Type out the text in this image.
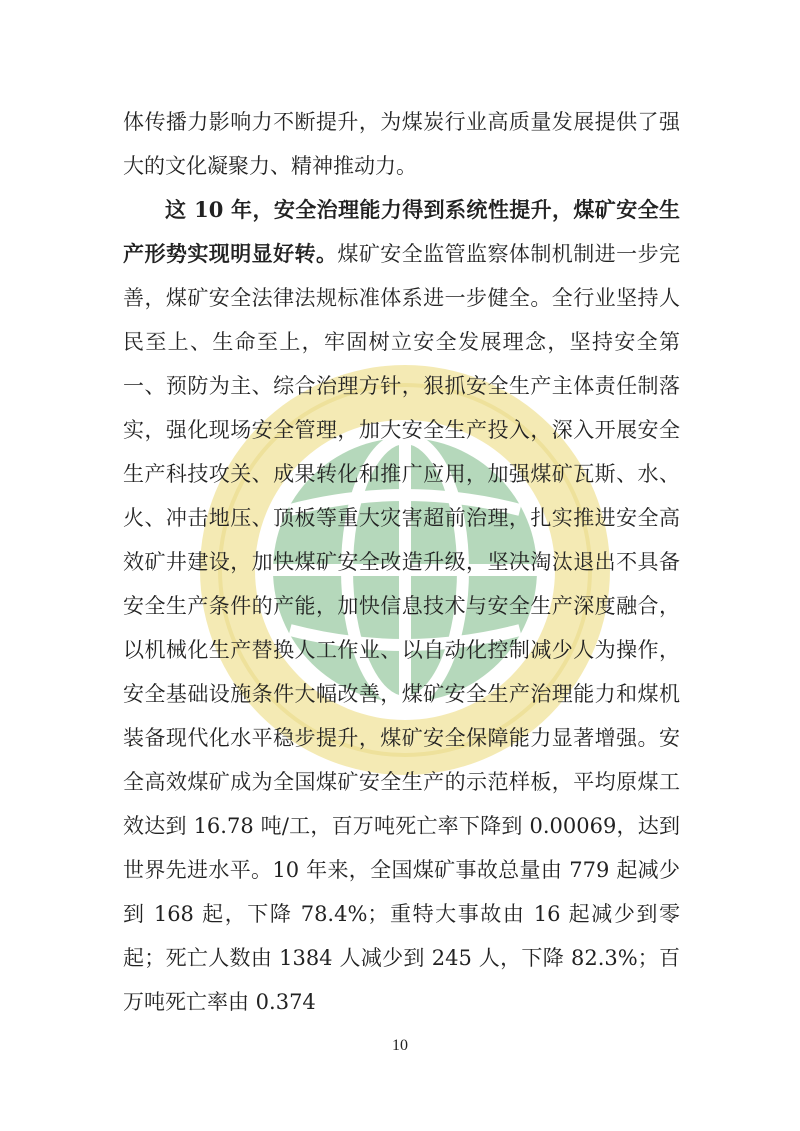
体传播力影响力不断提升，为煤炭行业高质量发展提供了强大的文化凝聚力、精神推动力。

这 10 年，安全治理能力得到系统性提升，煤矿安全生产形势实现明显好转。煤矿安全监管监察体制机制进一步完善，煤矿安全法律法规标准体系进一步健全。全行业坚持人民至上、生命至上，牢固树立安全发展理念，坚持安全第一、预防为主、综合治理方针，狠抓安全生产主体责任制落实，强化现场安全管理，加大安全生产投入，深入开展安全生产科技攻关、成果转化和推广应用，加强煤矿瓦斯、水、火、冲击地压、顶板等重大灾害超前治理，扎实推进安全高效矿井建设，加快煤矿安全改造升级，坚决淘汰退出不具备安全生产条件的产能，加快信息技术与安全生产深度融合，以机械化生产替换人工作业、以自动化控制减少人为操作，安全基础设施条件大幅改善，煤矿安全生产治理能力和煤机装备现代化水平稳步提升，煤矿安全保障能力显著增强。安全高效煤矿成为全国煤矿安全生产的示范样板，平均原煤工效达到 16.78 吨/工，百万吨死亡率下降到 0.00069，达到世界先进水平。10 年来，全国煤矿事故总量由 779 起减少到 168 起，下降 78.4%；重特大事故由 16 起减少到零起；死亡人数由 1384 人减少到 245 人，下降 82.3%；百万吨死亡率由 0.374

10
